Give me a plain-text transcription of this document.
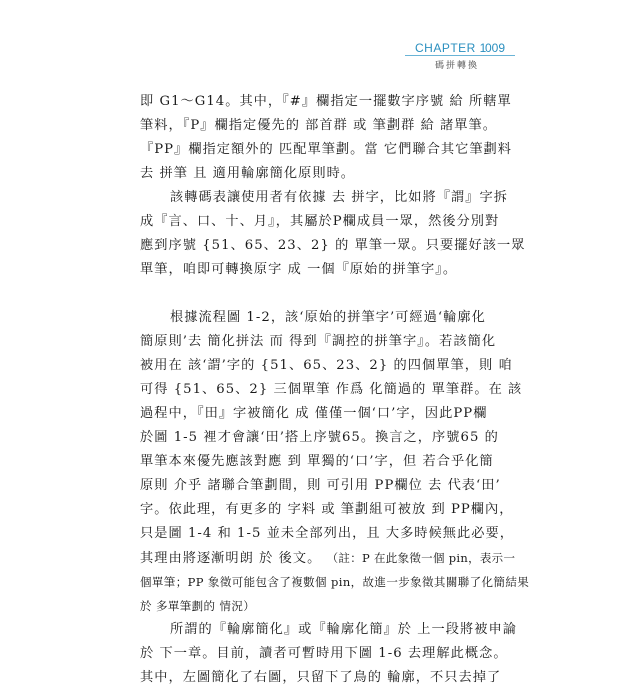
CHAPTER 1
009
碼拼轉換
即 G1～G14。其中，『#』欄指定一擺數字序號 給 所轄單
筆料，『P』欄指定優先的 部首群 或 筆劃群 給 諸單筆。
『PP』欄指定額外的 匹配單筆劃。當 它們聯合其它筆劃料
去 拼筆 且 適用輪廓簡化原則時。
該轉碼表讓使用者有依據 去 拼字，比如將『謂』字拆
成『言、口、十、月』，其屬於P欄成員一眾，然後分別對
應到序號 {51、65、23、2} 的 單筆一眾。只要擺好該一眾
單筆，咱即可轉換原字 成 一個『原始的拼筆字』。
根據流程圖 1-2，該‘原始的拼筆字’可經過‘輪廓化
簡原則’去 簡化拼法 而 得到『調控的拼筆字』。若該簡化
被用在 該‘謂’字的 {51、65、23、2} 的四個單筆，則 咱
可得 {51、65、2} 三個單筆 作爲 化簡過的 單筆群。在 該
過程中，『田』字被簡化 成 僅僅一個‘口’字，因此PP欄
於圖 1-5 裡才會讓‘田’搭上序號65。換言之，序號65 的
單筆本來優先應該對應 到 單獨的‘口’字，但 若合乎化簡
原則 介乎 諸聯合筆劃間，則 可引用 PP欄位 去 代表‘田’
字。依此理，有更多的 字料 或 筆劃組可被放 到 PP欄內，
只是圖 1-4 和 1-5 並未全部列出，且 大多時候無此必要，
其理由將逐漸明朗 於 後文。 （註：P 在此象徵一個 pin，表示一
個單筆；PP 象徵可能包含了複數個 pin，故進一步象徵其關聯了化簡結果
於 多單筆劃的 情況）
所謂的『輪廓簡化』或『輪廓化簡』於 上一段將被申論
於 下一章。目前，讀者可暫時用下圖 1-6 去理解此概念。
其中，左圖簡化了右圖，只留下了鳥的 輪廓，不只去掉了
